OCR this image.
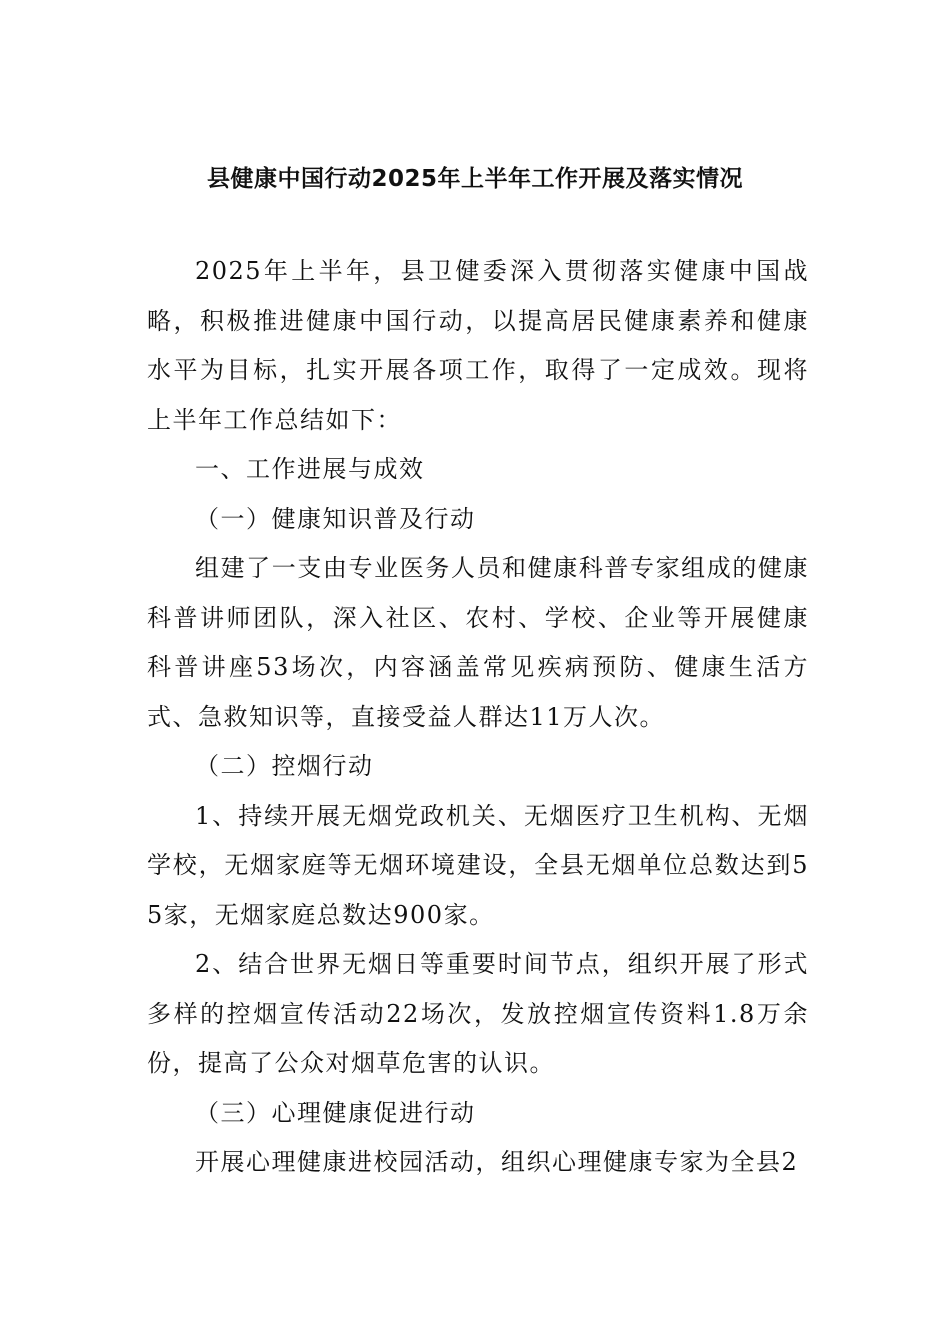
县健康中国行动2025年上半年工作开展及落实情况

2025年上半年，县卫健委深入贯彻落实健康中国战略，积极推进健康中国行动，以提高居民健康素养和健康水平为目标，扎实开展各项工作，取得了一定成效。现将上半年工作总结如下：

一、工作进展与成效

（一）健康知识普及行动

组建了一支由专业医务人员和健康科普专家组成的健康科普讲师团队，深入社区、农村、学校、企业等开展健康科普讲座53场次，内容涵盖常见疾病预防、健康生活方式、急救知识等，直接受益人群达11万人次。

（二）控烟行动

1、持续开展无烟党政机关、无烟医疗卫生机构、无烟学校，无烟家庭等无烟环境建设，全县无烟单位总数达到55家，无烟家庭总数达900家。

2、结合世界无烟日等重要时间节点，组织开展了形式多样的控烟宣传活动22场次，发放控烟宣传资料1.8万余份，提高了公众对烟草危害的认识。

（三）心理健康促进行动

开展心理健康进校园活动，组织心理健康专家为全县2
